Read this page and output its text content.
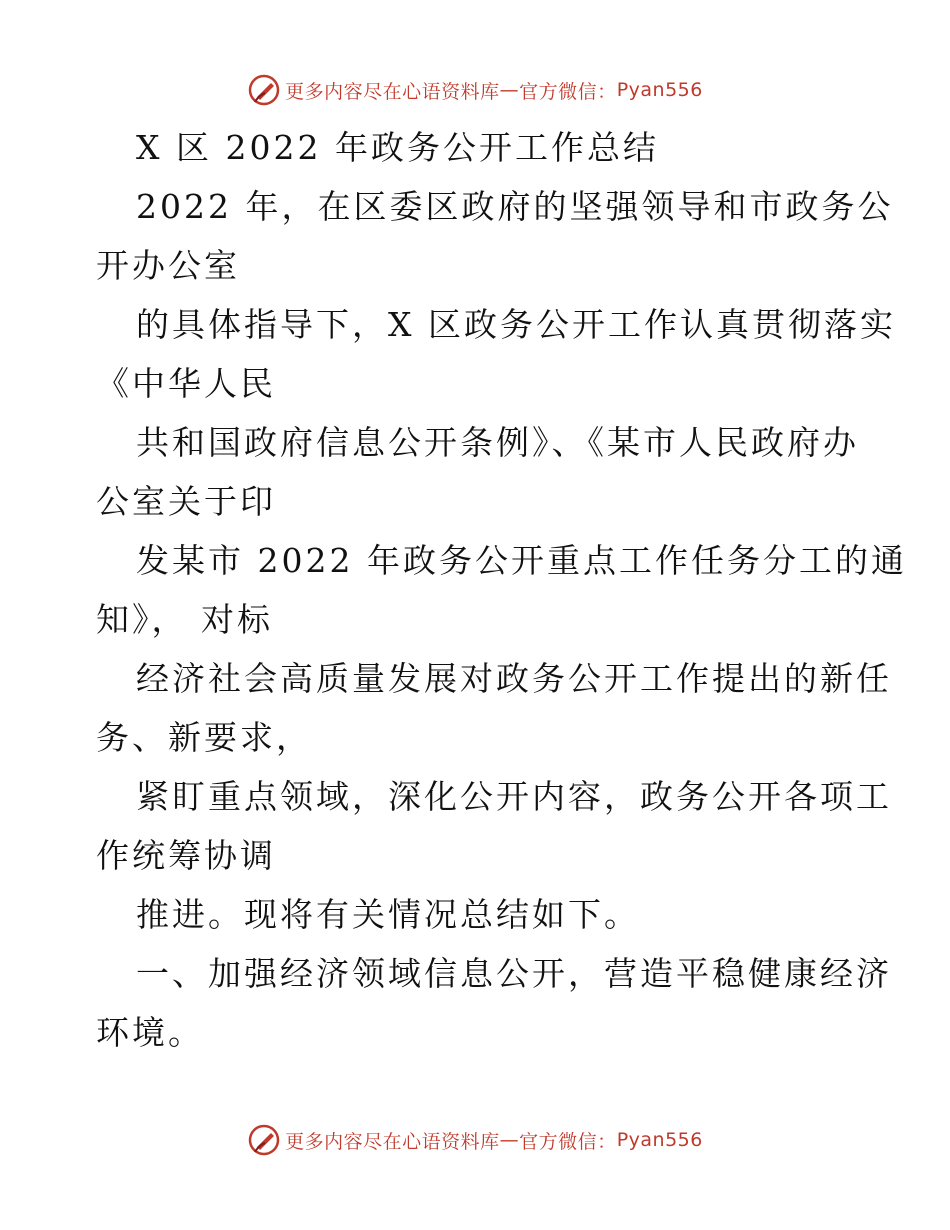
更多内容尽在心语资料库 — 官方微信： Pyan556
X 区 2022 年政务公开工作总结
2022 年，在区委区政府的坚强领导和市政务公
开办公室
的具体指导下，X 区政务公开工作认真贯彻落实
《中华人民
共和国政府信息公开条例》、《某市人民政府办
公室关于印
发某市 2022 年政务公开重点工作任务分工的通
知》， 对标
经济社会高质量发展对政务公开工作提出的新任
务、新要求，
紧盯重点领域，深化公开内容，政务公开各项工
作统筹协调
推进。现将有关情况总结如下。
一、加强经济领域信息公开，营造平稳健康经济
环境。
更多内容尽在心语资料库 — 官方微信： Pyan556
